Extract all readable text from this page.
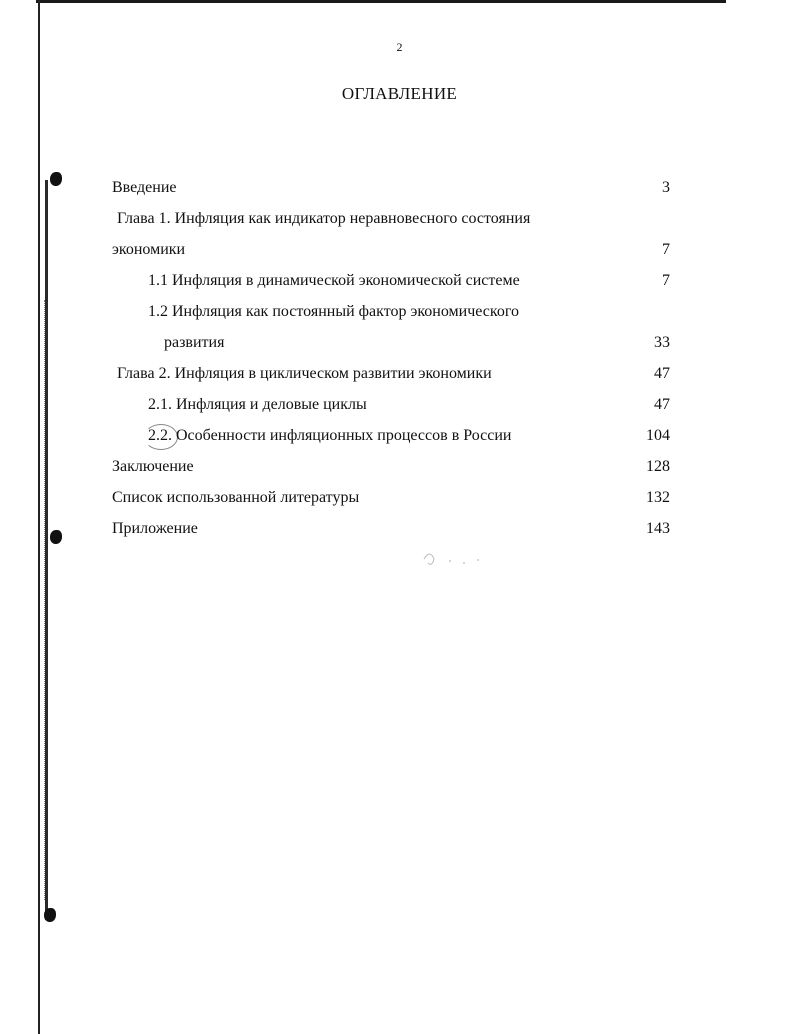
2
ОГЛАВЛЕНИЕ
Введение	3
Глава 1. Инфляция как индикатор неравновесного состояния
экономики	7
1.1 Инфляция в динамической экономической системе	7
1.2 Инфляция как постоянный фактор экономического
развития	33
Глава 2. Инфляция в циклическом развитии экономики	47
2.1. Инфляция и деловые циклы	47
2.2. Особенности инфляционных процессов в России	104
Заключение	128
Список использованной литературы	132
Приложение	143
